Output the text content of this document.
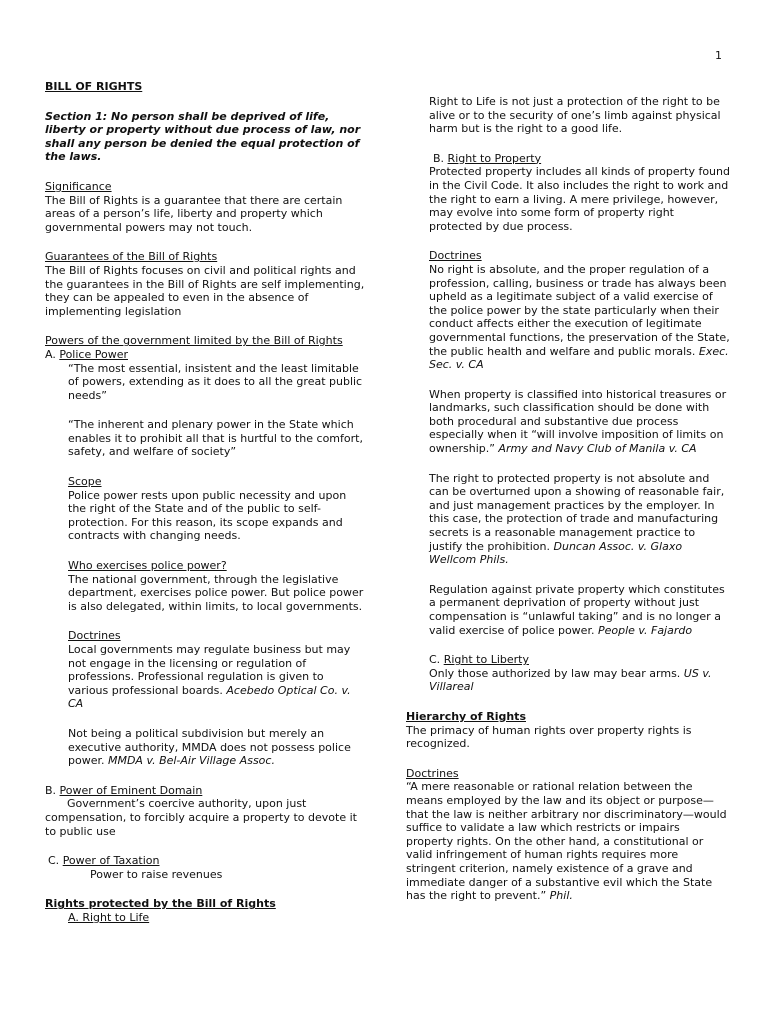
1

BILL OF RIGHTS

Section 1: No person shall be deprived of life, liberty or property without due process of law, nor shall any person be denied the equal protection of the laws.

Significance

The Bill of Rights is a guarantee that there are certain areas of a person’s life, liberty and property which governmental powers may not touch.

Guarantees of the Bill of Rights

The Bill of Rights focuses on civil and political rights and the guarantees in the Bill of Rights are self implementing, they can be appealed to even in the absence of implementing legislation

Powers of the government limited by the Bill of Rights

A. Police Power

“The most essential, insistent and the least limitable of powers, extending as it does to all the great public needs”

“The inherent and plenary power in the State which enables it to prohibit all that is hurtful to the comfort, safety, and welfare of society”

Scope

Police power rests upon public necessity and upon the right of the State and of the public to self-protection. For this reason, its scope expands and contracts with changing needs.

Who exercises police power?

The national government, through the legislative department, exercises police power. But police power is also delegated, within limits, to local governments.

Doctrines

Local governments may regulate business but may not engage in the licensing or regulation of professions. Professional regulation is given to various professional boards. Acebedo Optical Co. v. CA

Not being a political subdivision but merely an executive authority, MMDA does not possess police power. MMDA v. Bel-Air Village Assoc.

B. Power of Eminent Domain

Government’s coercive authority, upon just compensation, to forcibly acquire a property to devote it to public use

C. Power of Taxation

Power to raise revenues

Rights protected by the Bill of Rights

A. Right to Life

Right to Life is not just a protection of the right to be alive or to the security of one’s limb against physical harm but is the right to a good life.

B. Right to Property

Protected property includes all kinds of property found in the Civil Code. It also includes the right to work and the right to earn a living. A mere privilege, however, may evolve into some form of property right protected by due process.

Doctrines

No right is absolute, and the proper regulation of a profession, calling, business or trade has always been upheld as a legitimate subject of a valid exercise of the police power by the state particularly when their conduct affects either the execution of legitimate governmental functions, the preservation of the State, the public health and welfare and public morals. Exec. Sec. v. CA

When property is classified into historical treasures or landmarks, such classification should be done with both procedural and substantive due process especially when it “will involve imposition of limits on ownership.” Army and Navy Club of Manila v. CA

The right to protected property is not absolute and can be overturned upon a showing of reasonable fair, and just management practices by the employer. In this case, the protection of trade and manufacturing secrets is a reasonable management practice to justify the prohibition. Duncan Assoc. v. Glaxo Wellcom Phils.

Regulation against private property which constitutes a permanent deprivation of property without just compensation is “unlawful taking” and is no longer a valid exercise of police power. People v. Fajardo

C. Right to Liberty

Only those authorized by law may bear arms. US v. Villareal

Hierarchy of Rights

The primacy of human rights over property rights is recognized.

Doctrines

“A mere reasonable or rational relation between the means employed by the law and its object or purpose—that the law is neither arbitrary nor discriminatory—would suffice to validate a law which restricts or impairs property rights. On the other hand, a constitutional or valid infringement of human rights requires more stringent criterion, namely existence of a grave and immediate danger of a substantive evil which the State has the right to prevent.” Phil.
